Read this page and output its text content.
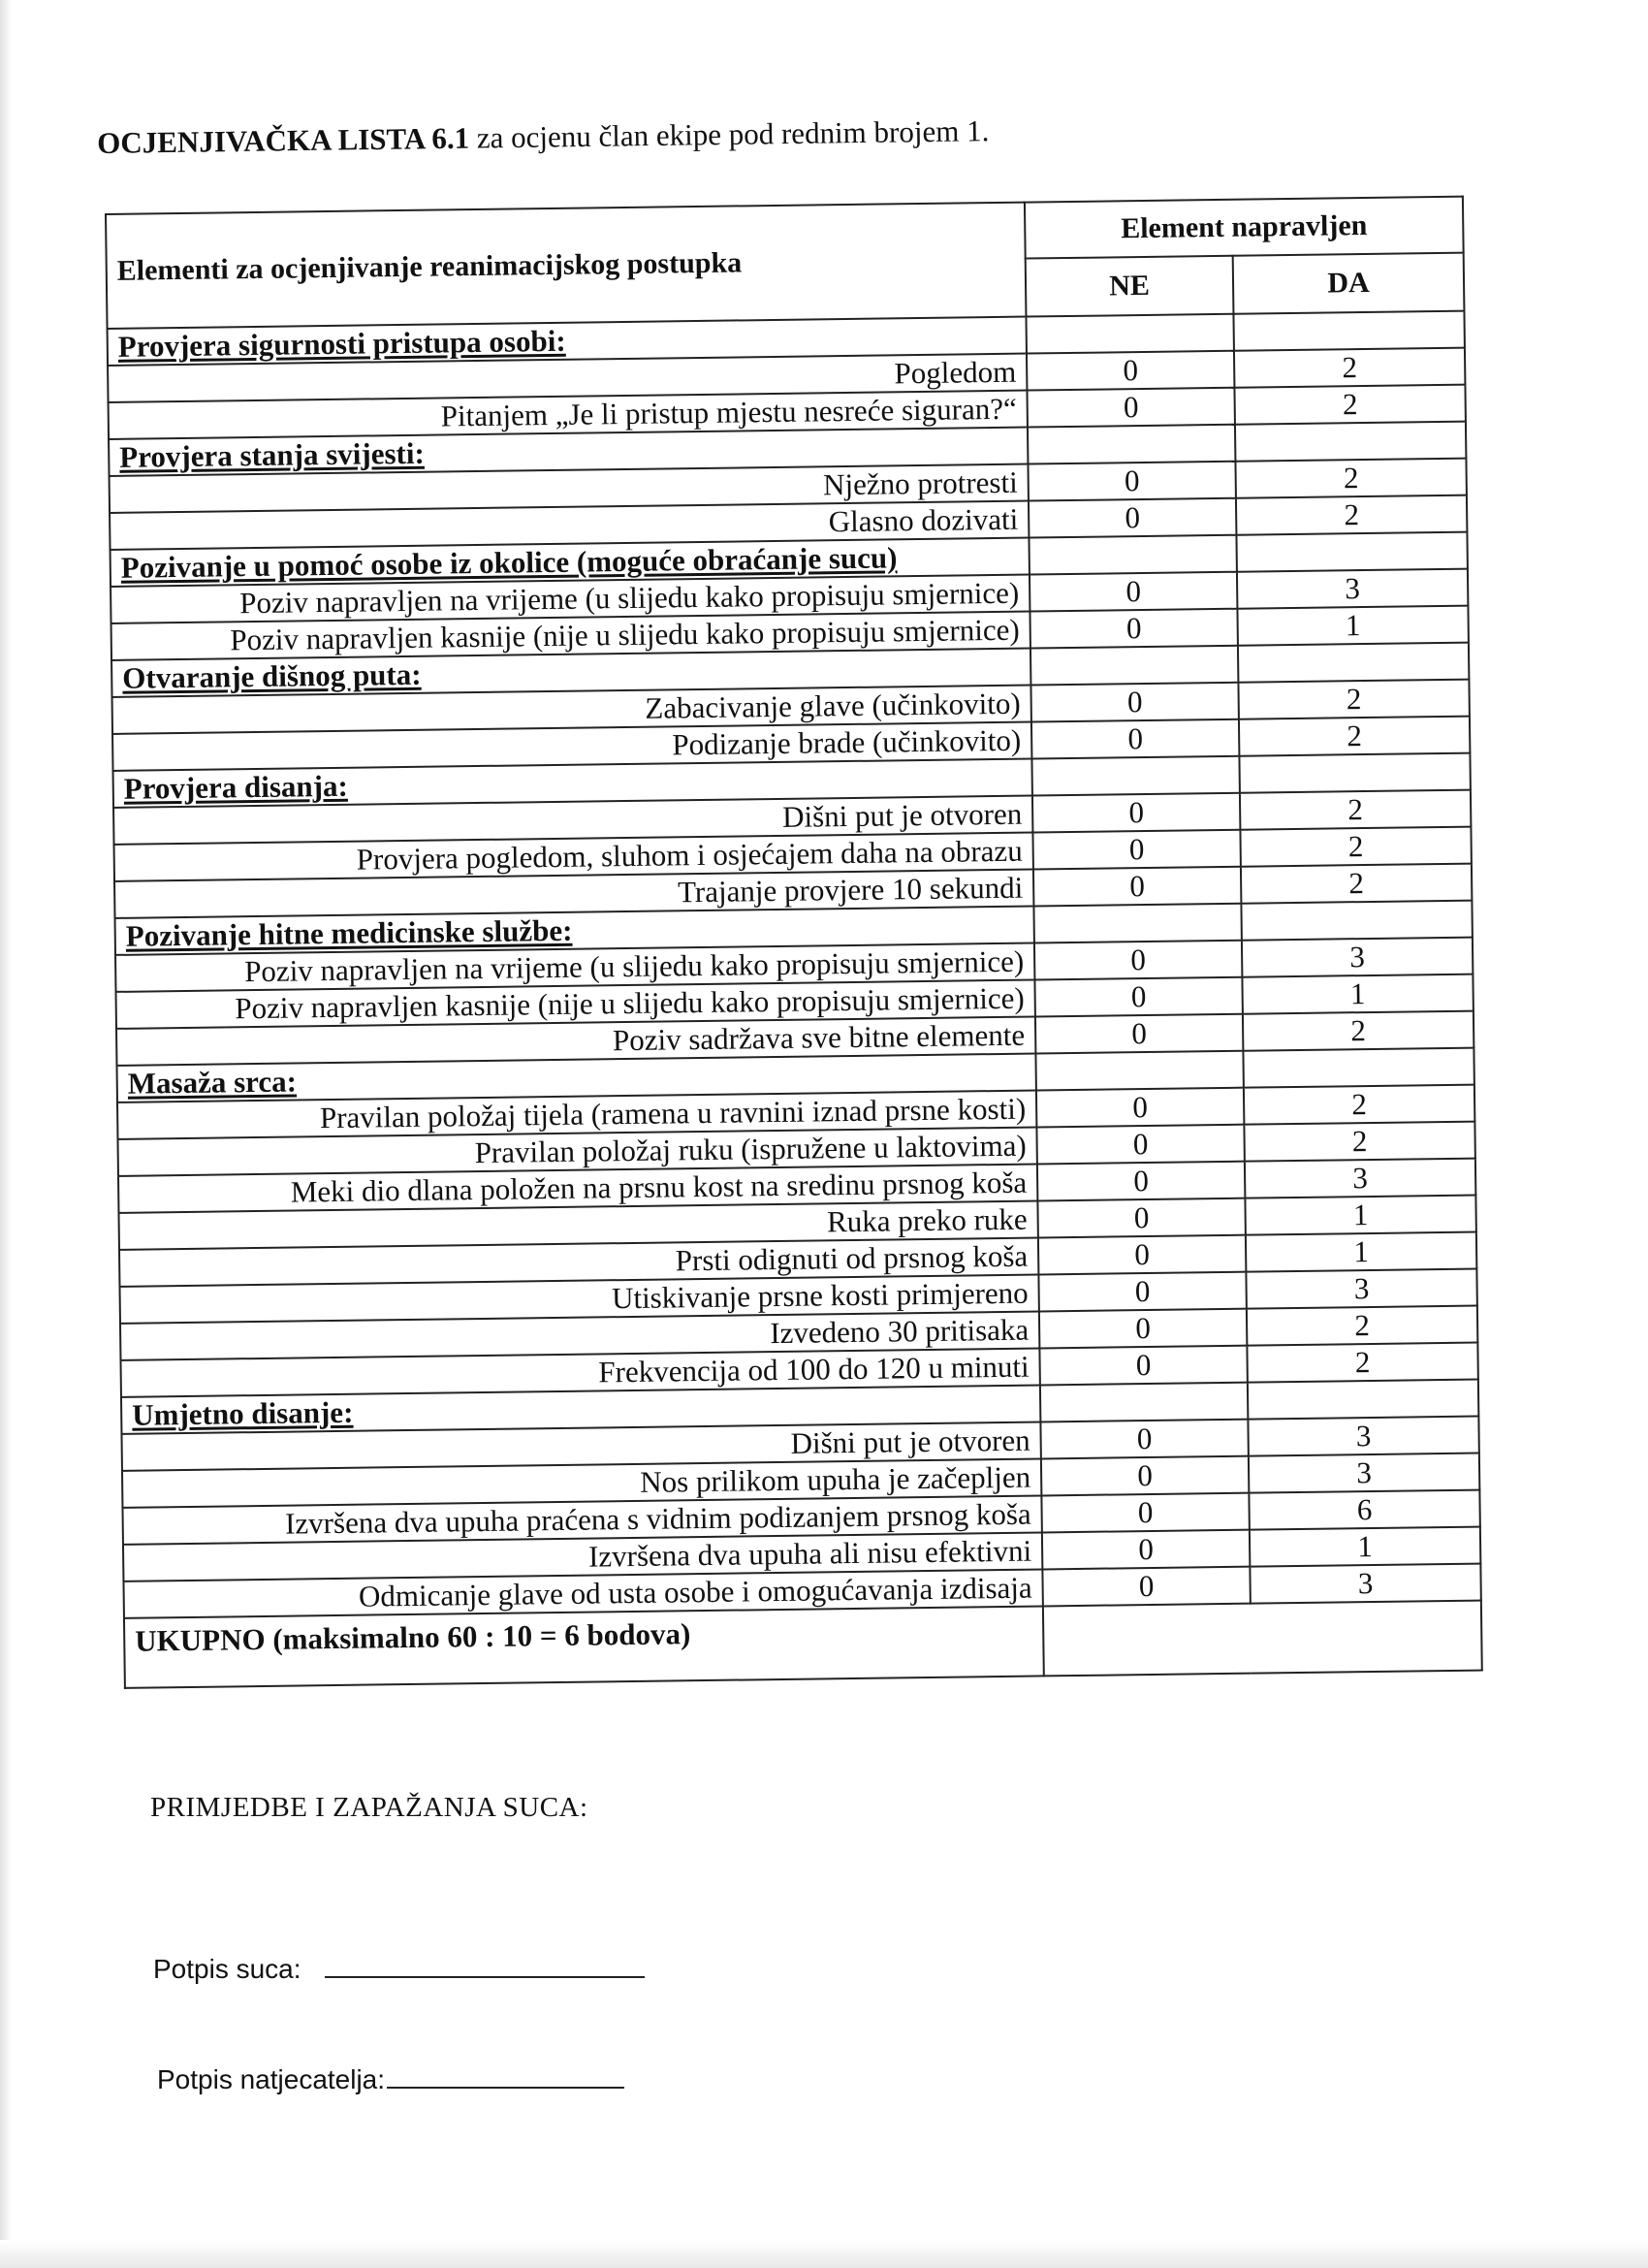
OCJENJIVAČKA LISTA 6.1 za ocjenu član ekipe pod rednim brojem 1.
Elementi za ocjenjivanje reanimacijskog postupka	Element napravljen	
	NE	DA
Provjera sigurnosti pristupa osobi:		
Pogledom	0	2
Pitanjem „Je li pristup mjestu nesreće siguran?“	0	2
Provjera stanja svijesti:		
Nježno protresti	0	2
Glasno dozivati	0	2
Pozivanje u pomoć osobe iz okolice (moguće obraćanje sucu)		
Poziv napravljen na vrijeme (u slijedu kako propisuju smjernice)	0	3
Poziv napravljen kasnije (nije u slijedu kako propisuju smjernice)	0	1
Otvaranje dišnog puta:		
Zabacivanje glave (učinkovito)	0	2
Podizanje brade (učinkovito)	0	2
Provjera disanja:		
Dišni put je otvoren	0	2
Provjera pogledom, sluhom i osjećajem daha na obrazu	0	2
Trajanje provjere 10 sekundi	0	2
Pozivanje hitne medicinske službe:		
Poziv napravljen na vrijeme (u slijedu kako propisuju smjernice)	0	3
Poziv napravljen kasnije (nije u slijedu kako propisuju smjernice)	0	1
Poziv sadržava sve bitne elemente	0	2
Masaža srca:		
Pravilan položaj tijela (ramena u ravnini iznad prsne kosti)	0	2
Pravilan položaj ruku (ispružene u laktovima)	0	2
Meki dio dlana položen na prsnu kost na sredinu prsnog koša	0	3
Ruka preko ruke	0	1
Prsti odignuti od prsnog koša	0	1
Utiskivanje prsne kosti primjereno	0	3
Izvedeno 30 pritisaka	0	2
Frekvencija od 100 do 120 u minuti	0	2
Umjetno disanje:		
Dišni put je otvoren	0	3
Nos prilikom upuha je začepljen	0	3
Izvršena dva upuha praćena s vidnim podizanjem prsnog koša	0	6
Izvršena dva upuha ali nisu efektivni	0	1
Odmicanje glave od usta osobe i omogućavanja izdisaja	0	3
UKUPNO (maksimalno 60 : 10 = 6 bodova)		
PRIMJEDBE I ZAPAŽANJA SUCA:
Potpis suca:
Potpis natjecatelja:
